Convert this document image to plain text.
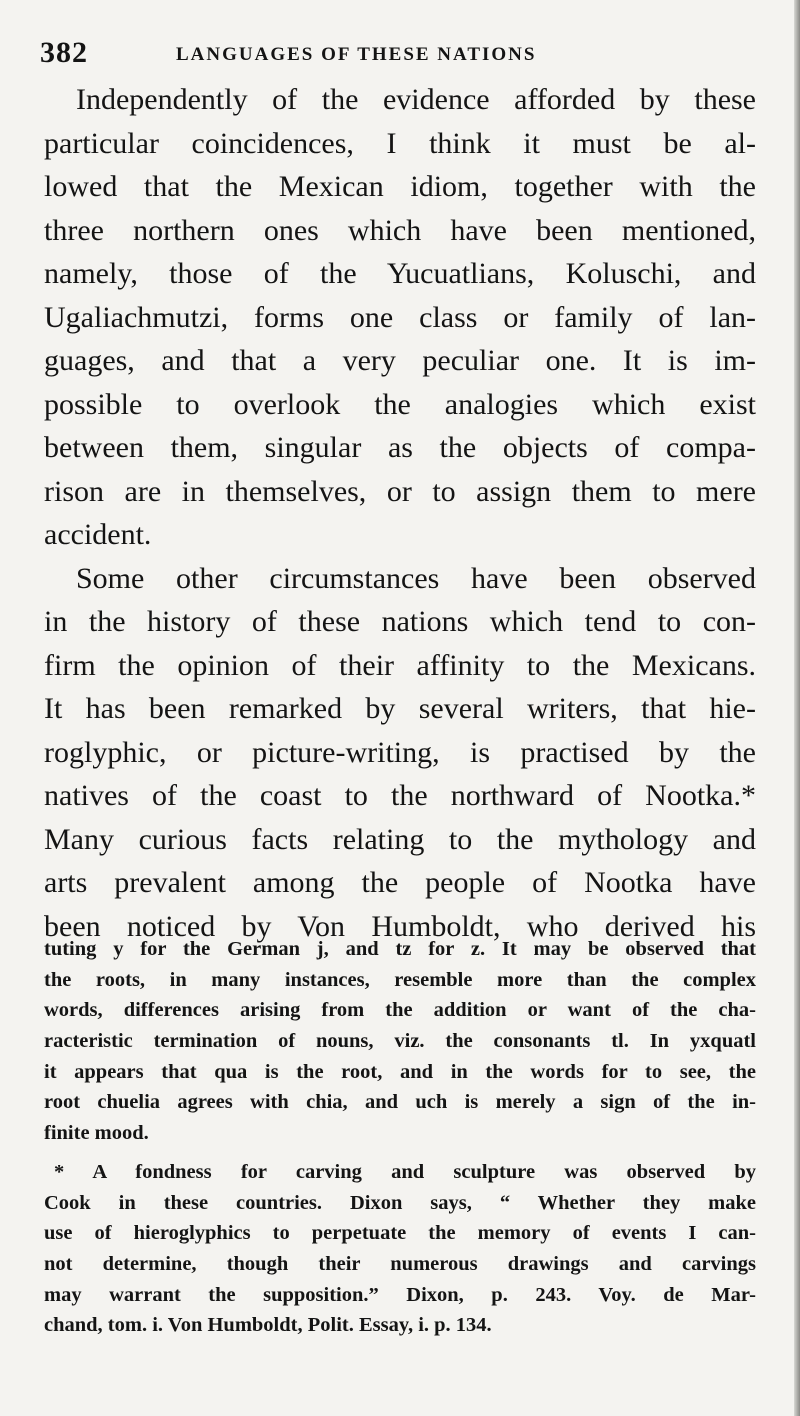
382	LANGUAGES OF THESE NATIONS
Independently of the evidence afforded by these
particular coincidences, I think it must be al-
lowed that the Mexican idiom, together with the
three northern ones which have been mentioned,
namely, those of the Yucuatlians, Koluschi, and
Ugaliachmutzi, forms one class or family of lan-
guages, and that a very peculiar one. It is im-
possible to overlook the analogies which exist
between them, singular as the objects of compa-
rison are in themselves, or to assign them to mere
accident.
Some other circumstances have been observed
in the history of these nations which tend to con-
firm the opinion of their affinity to the Mexicans.
It has been remarked by several writers, that hie-
roglyphic, or picture-writing, is practised by the
natives of the coast to the northward of Nootka.*
Many curious facts relating to the mythology and
arts prevalent among the people of Nootka have
been noticed by Von Humboldt, who derived his
tuting y for the German j, and tz for z. It may be observed that
the roots, in many instances, resemble more than the complex
words, differences arising from the addition or want of the cha-
racteristic termination of nouns, viz. the consonants tl. In yxquatl
it appears that qua is the root, and in the words for to see, the
root chuelia agrees with chia, and uch is merely a sign of the in-
finite mood.
* A fondness for carving and sculpture was observed by
Cook in these countries. Dixon says, “ Whether they make
use of hieroglyphics to perpetuate the memory of events I can-
not determine, though their numerous drawings and carvings
may warrant the supposition.” Dixon, p. 243. Voy. de Mar-
chand, tom. i. Von Humboldt, Polit. Essay, i. p. 134.
